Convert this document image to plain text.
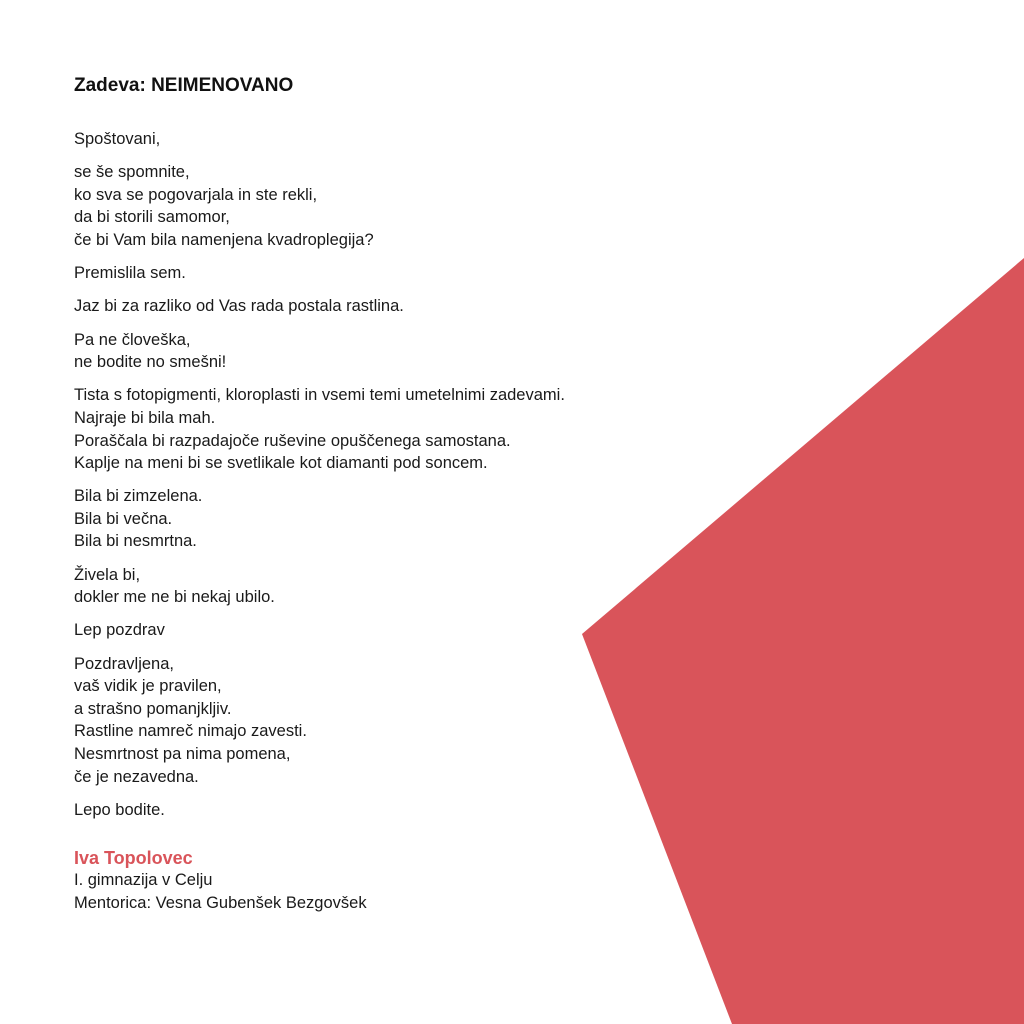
Zadeva: NEIMENOVANO
Spoštovani,
se še spomnite,
ko sva se pogovarjala in ste rekli,
da bi storili samomor,
če bi Vam bila namenjena kvadroplegija?
Premislila sem.
Jaz bi za razliko od Vas rada postala rastlina.
Pa ne človeška,
ne bodite no smešni!
Tista s fotopigmenti, kloroplasti in vsemi temi umetelnimi zadevami.
Najraje bi bila mah.
Poraščala bi razpadajoče ruševine opuščenega samostana.
Kaplje na meni bi se svetlikale kot diamanti pod soncem.
Bila bi zimzelena.
Bila bi večna.
Bila bi nesmrtna.
Živela bi,
dokler me ne bi nekaj ubilo.
Lep pozdrav
Pozdravljena,
vaš vidik je pravilen,
a strašno pomanjkljiv.
Rastline namreč nimajo zavesti.
Nesmrtnost pa nima pomena,
če je nezavedna.
Lepo bodite.
Iva Topolovec
I. gimnazija v Celju
Mentorica: Vesna Gubenšek Bezgovšek
